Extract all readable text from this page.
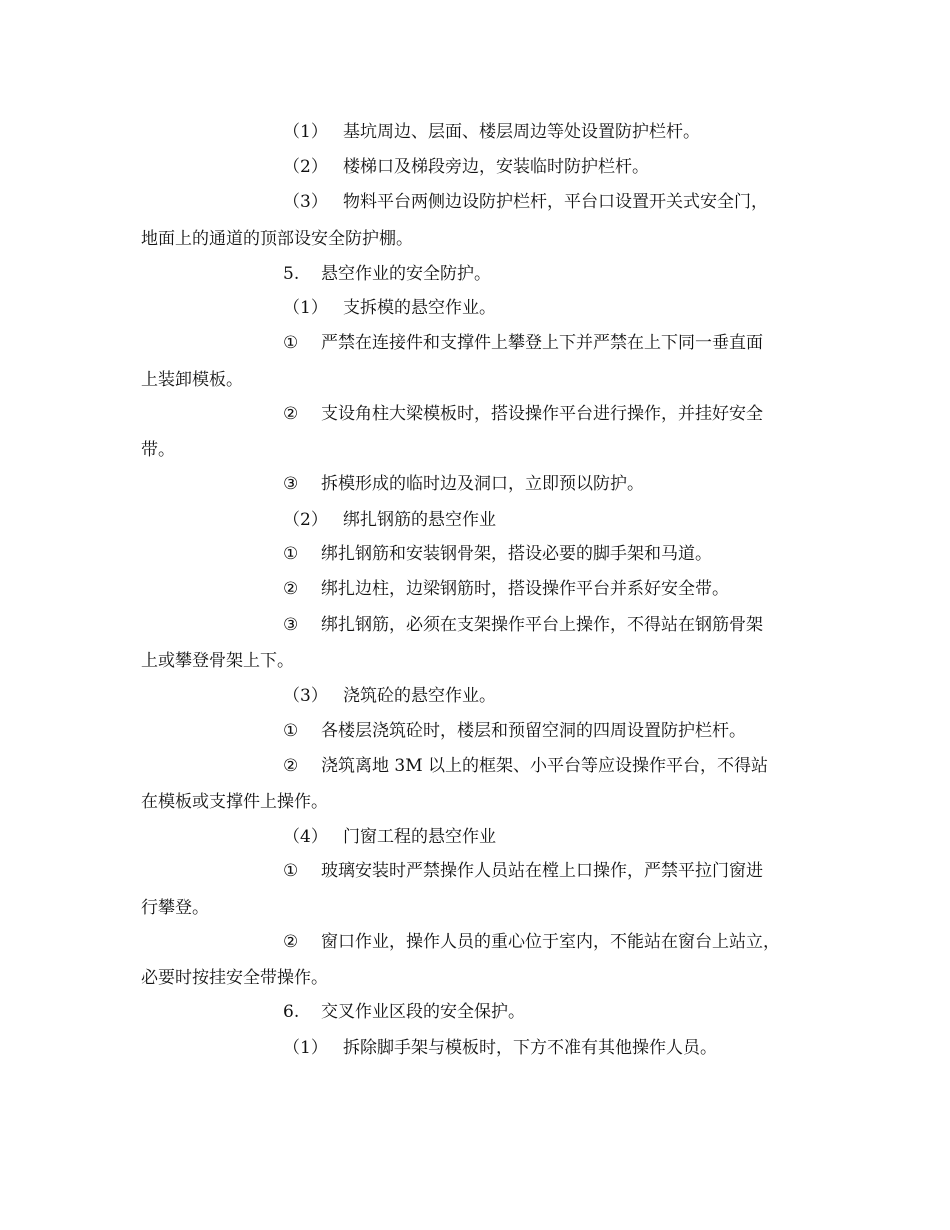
（1） 基坑周边、层面、楼层周边等处设置防护栏杆。
（2） 楼梯口及梯段旁边，安装临时防护栏杆。
（3） 物料平台两侧边设防护栏杆，平台口设置开关式安全门，
地面上的通道的顶部设安全防护棚。
5. 悬空作业的安全防护。
（1） 支拆模的悬空作业。
① 严禁在连接件和支撑件上攀登上下并严禁在上下同一垂直面
上装卸模板。
② 支设角柱大梁模板时，搭设操作平台进行操作，并挂好安全
带。
③ 拆模形成的临时边及洞口，立即预以防护。
（2） 绑扎钢筋的悬空作业
① 绑扎钢筋和安装钢骨架，搭设必要的脚手架和马道。
② 绑扎边柱，边梁钢筋时，搭设操作平台并系好安全带。
③ 绑扎钢筋，必须在支架操作平台上操作，不得站在钢筋骨架
上或攀登骨架上下。
（3） 浇筑砼的悬空作业。
① 各楼层浇筑砼时，楼层和预留空洞的四周设置防护栏杆。
② 浇筑离地 3M 以上的框架、小平台等应设操作平台，不得站
在模板或支撑件上操作。
（4） 门窗工程的悬空作业
① 玻璃安装时严禁操作人员站在樘上口操作，严禁平拉门窗进
行攀登。
② 窗口作业，操作人员的重心位于室内，不能站在窗台上站立，
必要时按挂安全带操作。
6. 交叉作业区段的安全保护。
（1） 拆除脚手架与模板时，下方不准有其他操作人员。
